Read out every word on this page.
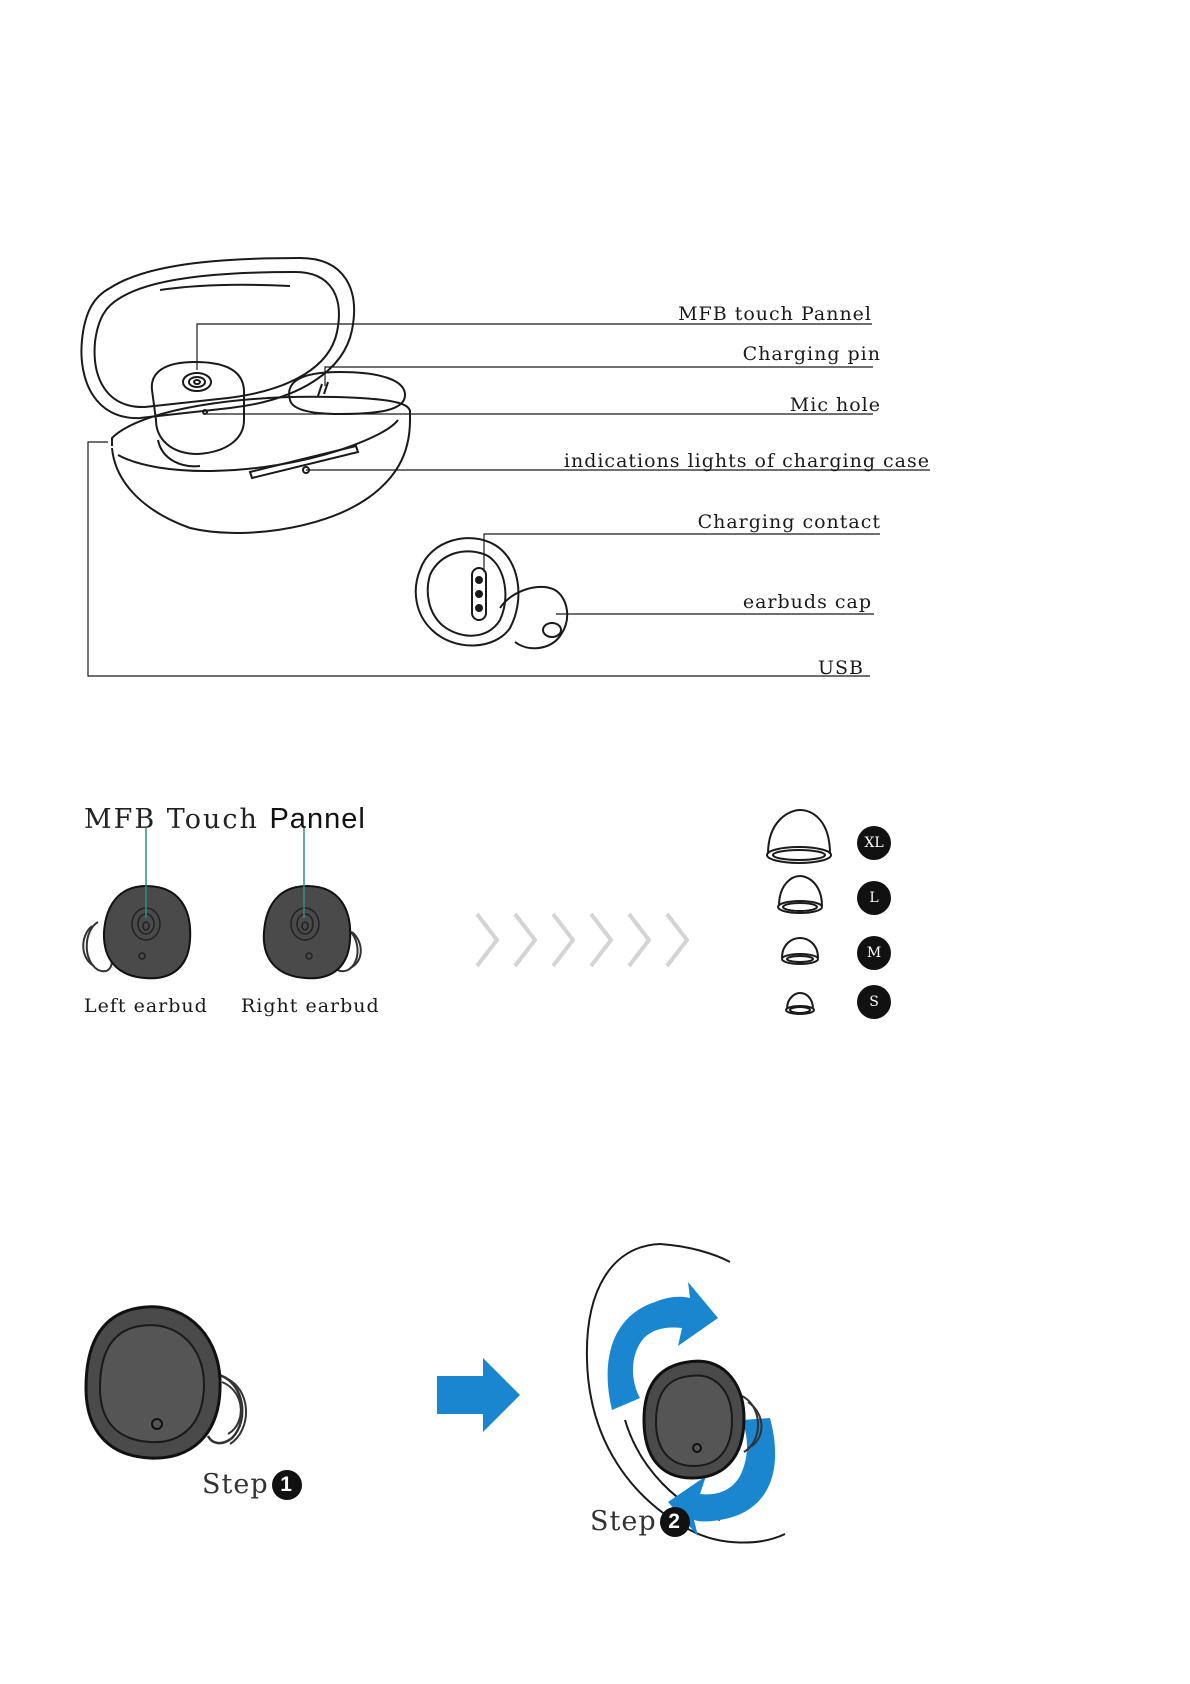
MFB touch Pannel
Charging pin
Mic hole
indications lights of charging case
Charging contact
earbuds cap
USB
MFB Touch Pannel
Left earbud Right earbud
XL
L
M
S
Step 1
Step 2
